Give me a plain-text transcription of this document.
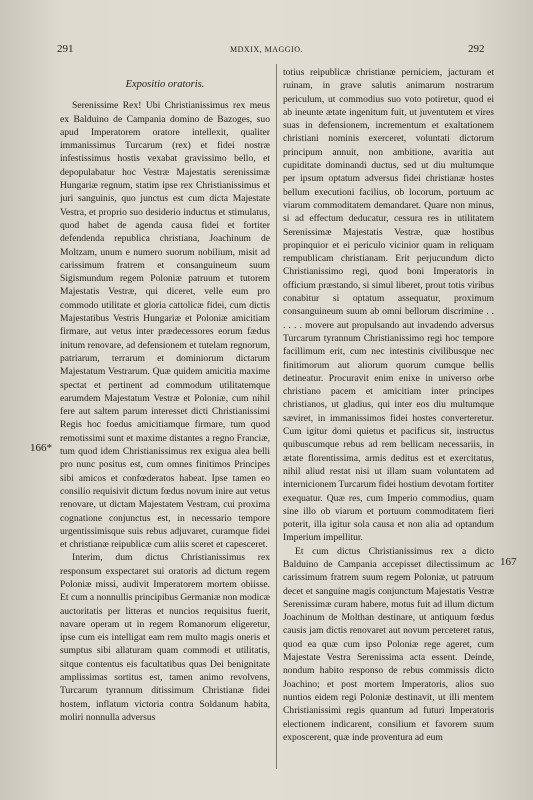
291	MDXIX, MAGGIO.	292
Expositio oratoris.

Serenissime Rex! Ubi Christianissimus rex meus ex Balduino de Campania domino de Bazoges, suo apud Imperatorem oratore intellexit, qualiter immanissimus Turcarum (rex) et fidei nostræ infestissimus hostis vexabat gravissimo bello, et depopulabatur hoc Vestræ Majestatis serenissimæ Hungariæ regnum, statim ipse rex Christianissimus et juri sanguinis, quo junctus est cum dicta Majestate Vestra, et proprio suo desiderio inductus et stimulatus, quod habet de agenda causa fidei et fortiter defendenda republica christiana, Joachinum de Moltzam, unum e numero suorum nobilium, misit ad carissimum fratrem et consanguineum suum Sigismundum regem Poloniæ patruum et tutorem Majestatis Vestræ, qui diceret, velle eum pro commodo utilitate et gloria cattolicæ fidei, cum dictis Majestatibus Vestris Hungariæ et Poloniæ amicitiam firmare, aut vetus inter prædecessores eorum fædus initum renovare, ad defensionem et tutelam regnorum, patriarum, terrarum et dominiorum dictarum Majestatum Vestrarum. Quæ quidem amicitia maxime spectat et pertinent ad commodum utilitatemque earumdem Majestatum Vestræ et Poloniæ, cum nihil fere aut saltem parum interesset dicti Christianissimi Regis hoc foedus amicitiamque firmare, tum quod remotissimi sunt et maxime distantes a regno Franciæ, tum quod idem Christianissimus rex exigua alea belli pro nunc positus est, cum omnes finitimos Principes sibi amicos et confœderatos habeat. Ipse tamen eo consilio requisivit dictum fœdus novum inire aut vetus renovare, ut dictam Majestatem Vestram, cui proxima cognatione conjunctus est, in necessario tempore urgentissimisque suis rebus adjuvaret, curamque fidei et christianæ reipublicæ cum aliis sceret et capesceret.

Interim, dum dictus Christianissimus rex responsum exspectaret sui oratoris ad dictum regem Poloniæ missi, audivit Imperatorem mortem obiisse. Et cum a nonnullis principibus Germaniæ non modicæ auctoritatis per litteras et nuncios requisitus fuerit, navare operam ut in regem Romanorum eligeretur, ipse cum eis intelligat eam rem multo magis oneris et sumptus sibi allaturam quam commodi et utilitatis, sitque contentus eis facultatibus quas Dei benignitate amplissimas sortitus est, tamen animo revolvens, Turcarum tyrannum ditissimum Christianæ fidei hostem, inflatum victoria contra Soldanum habita, moliri nonnulla adversus

totius reipublicæ christianæ perniciem, jacturam et ruinam, in grave salutis animarum nostrarum periculum, ut commodius suo voto potiretur, quod ei ab ineunte ætate ingenitum fuit, ut juventutem et vires suas in defensionem, incrementum et exaltationem christiani nominis exerceret, voluntati dictorum principum annuit, non ambitione, avaritia aut cupiditate dominandi ductus, sed ut diu multumque per ipsum optatum adversus fidei christianæ hostes bellum executioni facilius, ob locorum, portuum ac viarum commoditatem demandaret. Quare non minus, si ad effectum deducatur, cessura res in utilitatem Serenissimæ Majestatis Vestræ, quæ hostibus propinquior et ei periculo vicinior quam in reliquam rempublicam christianam. Erit perjucundum dicto Christianissimo regi, quod boni Imperatoris in officium præstando, si simul liberet, prout totis viribus conabitur si optatum assequatur, proximum consanguineum suum ab omni bellorum discrimine . . . . . . movere aut propulsando aut invadendo adversus Turcarum tyrannum Christianissimo regi hoc tempore facillimum erit, cum nec intestinis civilibusque nec finitimorum aut aliorum quorum cumque bellis detineatur. Procuravit enim enixe in universo orbe christiano pacem et amicitiam inter principes christianos, ut gladius, qui inter eos diu multumque sæviret, in immanissimos fidei hostes converteretur. Cum igitur domi quietus et pacificus sit, instructus quibuscumque rebus ad rem bellicam necessariis, in ætate florentissima, armis deditus est et exercitatus, nihil aliud restat nisi ut illam suam voluntatem ad internicionem Turcarum fidei hostium devotam fortiter exequatur. Quæ res, cum Imperio commodius, quam sine illo ob viarum et portuum commoditatem fieri poterit, illa igitur sola causa et non alia ad optandum Imperium impellitur.

Et cum dictus Christianissimus rex a dicto Balduino de Campania accepisset dilectissimum ac carissimum fratrem suum regem Poloniæ, ut patruum decet et sanguine magis conjunctum Majestatis Vestræ Serenissimæ curam habere, motus fuit ad illum dictum Joachinum de Molthan destinare, ut antiquum fœdus causis jam dictis renovaret aut novum perceteret ratus, quod ea quæ cum ipso Poloniæ rege ageret, cum Majestate Vestra Serenissima acta essent. Deinde, nondum habito responso de rebus commissis dicto Joachino; et post mortem Imperatoris, alios suo nuntios eidem regi Poloniæ destinavit, ut illi mentem Christianissimi regis quantum ad futuri Imperatoris electionem indicarent, consilium et favorem suum exposcerent, quæ inde proventura ad eum

166*
167
